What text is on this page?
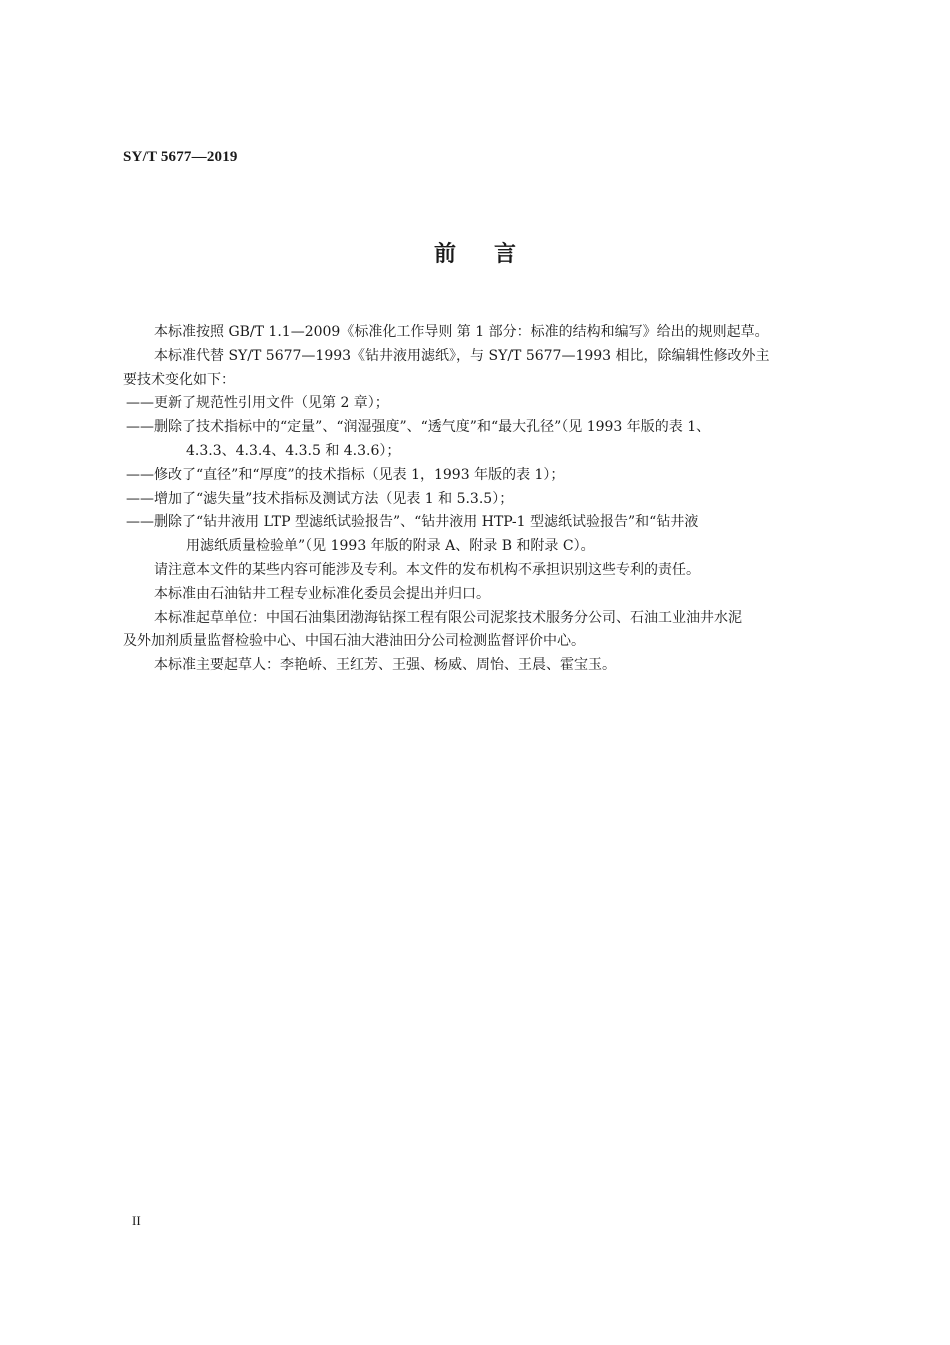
SY/T 5677—2019
前言
本标准按照 GB/T 1.1—2009《标准化工作导则 第 1 部分：标准的结构和编写》给出的规则起草。
本标准代替 SY/T 5677—1993《钻井液用滤纸》，与 SY/T 5677—1993 相比，除编辑性修改外主
要技术变化如下：
——更新了规范性引用文件（见第 2 章）；
——删除了技术指标中的“定量”、“润湿强度”、“透气度”和“最大孔径”（见 1993 年版的表 1、
4.3.3、4.3.4、4.3.5 和 4.3.6）；
——修改了“直径”和“厚度”的技术指标（见表 1，1993 年版的表 1）；
——增加了“滤失量”技术指标及测试方法（见表 1 和 5.3.5）；
——删除了“钻井液用 LTP 型滤纸试验报告”、“钻井液用 HTP-1 型滤纸试验报告”和“钻井液
用滤纸质量检验单”（见 1993 年版的附录 A、附录 B 和附录 C）。
请注意本文件的某些内容可能涉及专利。本文件的发布机构不承担识别这些专利的责任。
本标准由石油钻井工程专业标准化委员会提出并归口。
本标准起草单位：中国石油集团渤海钻探工程有限公司泥浆技术服务分公司、石油工业油井水泥
及外加剂质量监督检验中心、中国石油大港油田分公司检测监督评价中心。
本标准主要起草人：李艳峤、王红芳、王强、杨威、周怡、王晨、霍宝玉。
II
